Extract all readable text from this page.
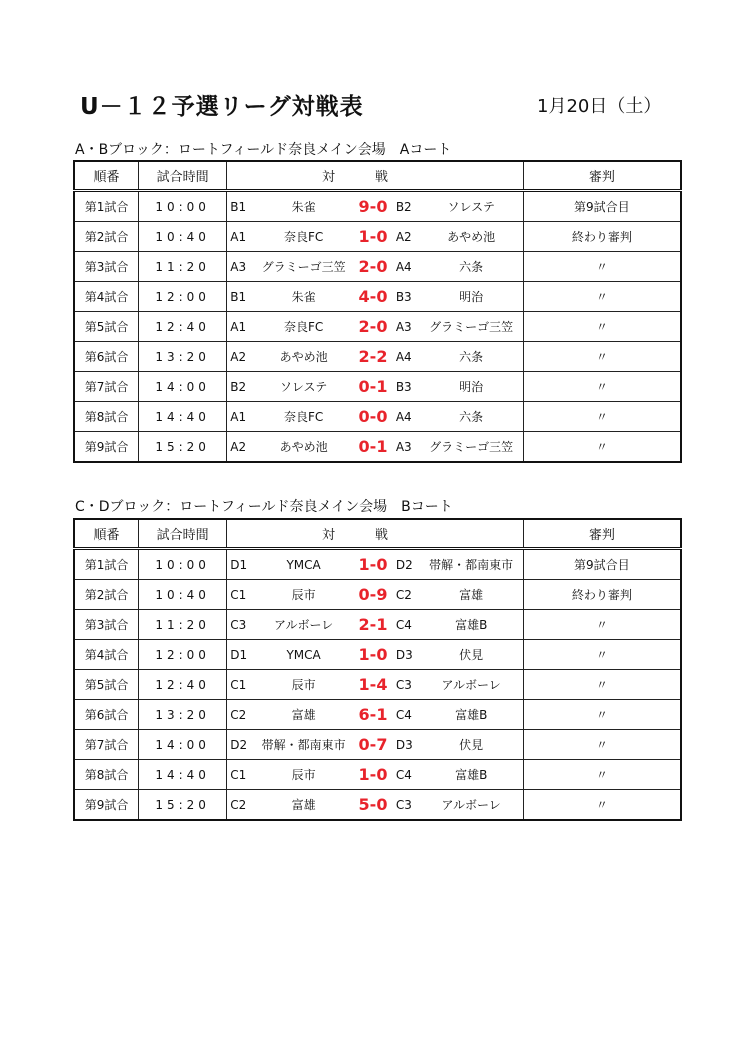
U－１２予選リーグ対戦表	1月20日（土）
A・Bブロック：ロートフィールド奈良メイン会場　Aコート
順番	試合時間	対戦	審判
第1試合	10:00	B1 朱雀 9-0 B2 ソレステ	第9試合目
第2試合	10:40	A1 奈良FC 1-0 A2 あやめ池	終わり審判
第3試合	11:20	A3 グラミーゴ三笠 2-0 A4 六条	〃
第4試合	12:00	B1 朱雀 4-0 B3 明治	〃
第5試合	12:40	A1 奈良FC 2-0 A3 グラミーゴ三笠	〃
第6試合	13:20	A2 あやめ池 2-2 A4 六条	〃
第7試合	14:00	B2 ソレステ 0-1 B3 明治	〃
第8試合	14:40	A1 奈良FC 0-0 A4 六条	〃
第9試合	15:20	A2 あやめ池 0-1 A3 グラミーゴ三笠	〃
C・Dブロック：ロートフィールド奈良メイン会場　Bコート
順番	試合時間	対戦	審判
第1試合	10:00	D1 YMCA 1-0 D2 帯解・都南東市	第9試合目
第2試合	10:40	C1 辰市 0-9 C2 富雄	終わり審判
第3試合	11:20	C3 アルボーレ 2-1 C4 富雄B	〃
第4試合	12:00	D1 YMCA 1-0 D3 伏見	〃
第5試合	12:40	C1 辰市 1-4 C3 アルボーレ	〃
第6試合	13:20	C2 富雄 6-1 C4 富雄B	〃
第7試合	14:00	D2 帯解・都南東市 0-7 D3 伏見	〃
第8試合	14:40	C1 辰市 1-0 C4 富雄B	〃
第9試合	15:20	C2 富雄 5-0 C3 アルボーレ	〃
